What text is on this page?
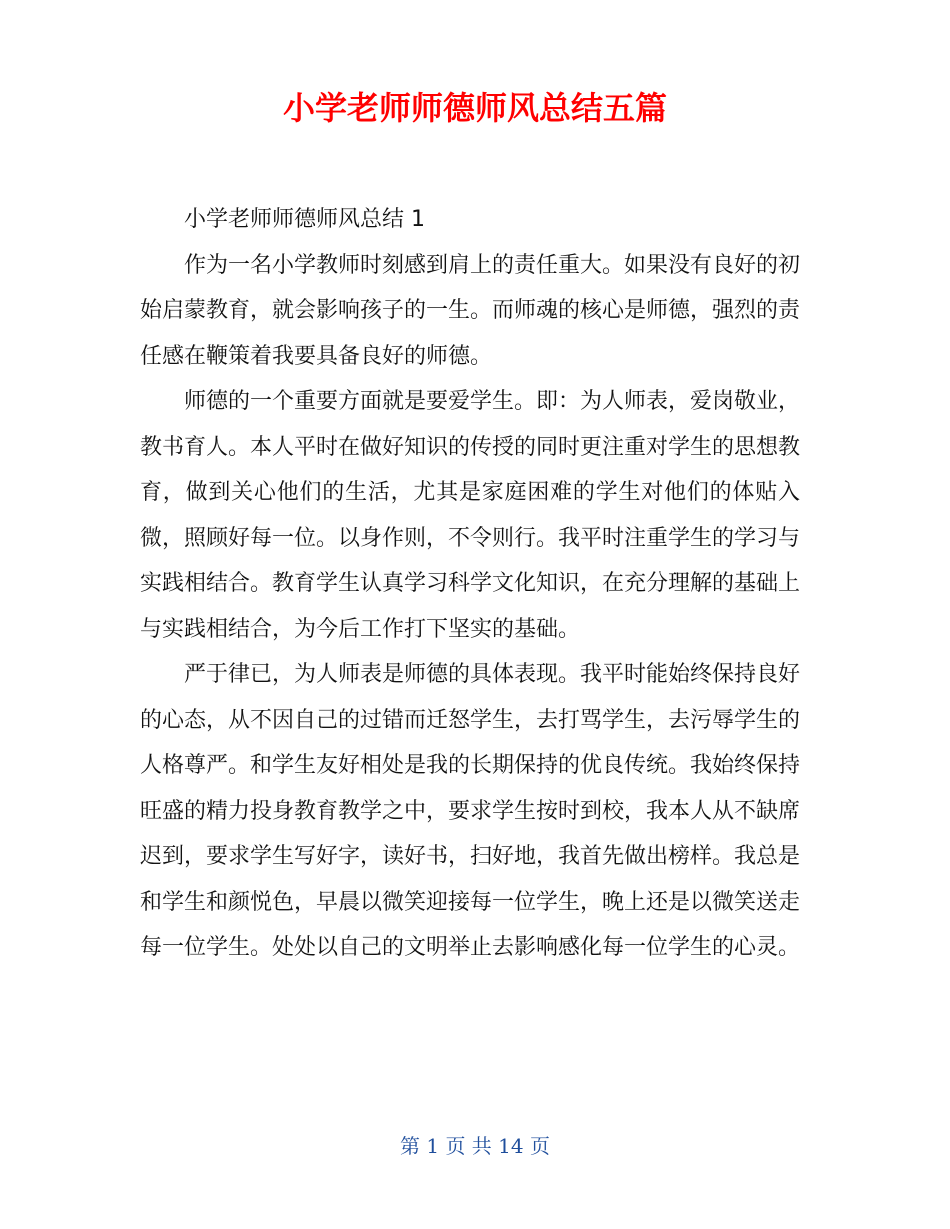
小学老师师德师风总结五篇

小学老师师德师风总结 1

作为一名小学教师时刻感到肩上的责任重大。如果没有良好的初始启蒙教育，就会影响孩子的一生。而师魂的核心是师德，强烈的责任感在鞭策着我要具备良好的师德。

师德的一个重要方面就是要爱学生。即：为人师表，爱岗敬业，教书育人。本人平时在做好知识的传授的同时更注重对学生的思想教育，做到关心他们的生活，尤其是家庭困难的学生对他们的体贴入微，照顾好每一位。以身作则，不令则行。我平时注重学生的学习与实践相结合。教育学生认真学习科学文化知识，在充分理解的基础上与实践相结合，为今后工作打下坚实的基础。

严于律已，为人师表是师德的具体表现。我平时能始终保持良好的心态，从不因自己的过错而迁怒学生，去打骂学生，去污辱学生的人格尊严。和学生友好相处是我的长期保持的优良传统。我始终保持旺盛的精力投身教育教学之中，要求学生按时到校，我本人从不缺席迟到，要求学生写好字，读好书，扫好地，我首先做出榜样。我总是和学生和颜悦色，早晨以微笑迎接每一位学生，晚上还是以微笑送走每一位学生。处处以自己的文明举止去影响感化每一位学生的心灵。

第 1 页 共 14 页
